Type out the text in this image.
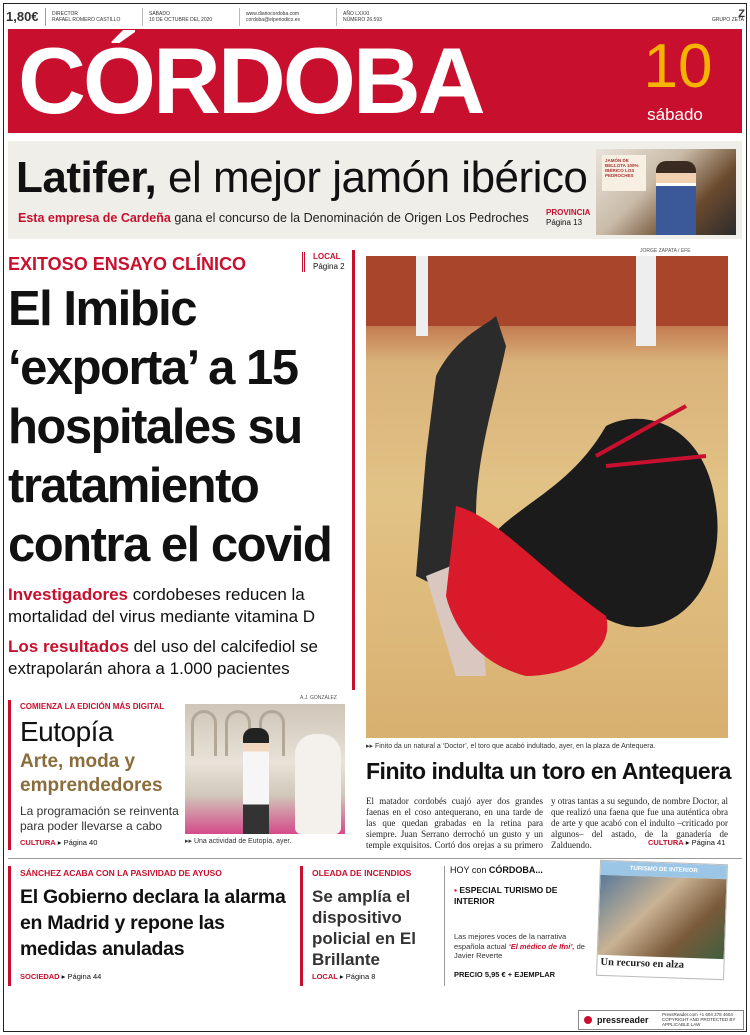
1,80€	DIRECTOR
RAFAEL ROMERO CASTILLO
SÁBADO
10 DE OCTUBRE DEL 2020
www.diariocordoba.com
cordoba@elperiodico.es
AÑO LXXXI
NÚMERO 26.593	Z
GRUPO ZETA
CÓRDOBA	10
sábado
Latifer, el mejor jamón ibérico
Esta empresa de Cardeña gana el concurso de la Denominación de Origen Los Pedroches PROVINCIA
Página 13
JAMÓN DE BELLOTA 100% IBÉRICO LOS PEDROCHES
EXITOSO ENSAYO CLÍNICO	LOCAL
Página 2
El Imibic ‘exporta’ a 15 hospitales su tratamiento contra el covid

Investigadores cordobeses reducen la mortalidad del virus mediante vitamina D

Los resultados del uso del calcifediol se extrapolarán ahora a 1.000 pacientes

JORGE ZAPATA / EFE
▸▸ Finito da un natural a ‘Doctor’, el toro que acabó indultado, ayer, en la plaza de Antequera.
Finito indulta un toro en Antequera
El matador cordobés cuajó ayer dos grandes faenas en el coso antequerano, en una tarde de las que quedan grabadas en la retina para siempre. Juan Serrano derrochó un gusto y un temple exquisitos. Cortó dos orejas a su primero y otras tantas a su segundo, de nombre Doctor, al que realizó una faena que fue una auténtica obra de arte y que acabó con el indulto –criticado por algunos– del astado, de la ganadería de Zalduendo.	CULTURA ▸ Página 41
COMIENZA LA EDICIÓN MÁS DIGITAL
A.J. GONZÁLEZ
Eutopía
Arte, moda y emprendedores
La programación se reinventa para poder llevarse a cabo
CULTURA ▸ Página 40	▸▸ Una actividad de Eutopía, ayer.
SÁNCHEZ ACABA CON LA PASIVIDAD DE AYUSO
El Gobierno declara la alarma en Madrid y repone las medidas anuladas
SOCIEDAD ▸ Página 44
OLEADA DE INCENDIOS
Se amplía el dispositivo policial en El Brillante
LOCAL ▸ Página 8
HOY con CÓRDOBA...
▪ ESPECIAL TURISMO DE INTERIOR
Las mejores voces de la narrativa española actual ‘El médico de Ifni’, de Javier Reverte
PRECIO 5,95 € + EJEMPLAR
TURISMO DE INTERIOR
Un recurso en alza
pressreader
PressReader.com +1 604 278 4604 COPYRIGHT AND PROTECTED BY APPLICABLE LAW
